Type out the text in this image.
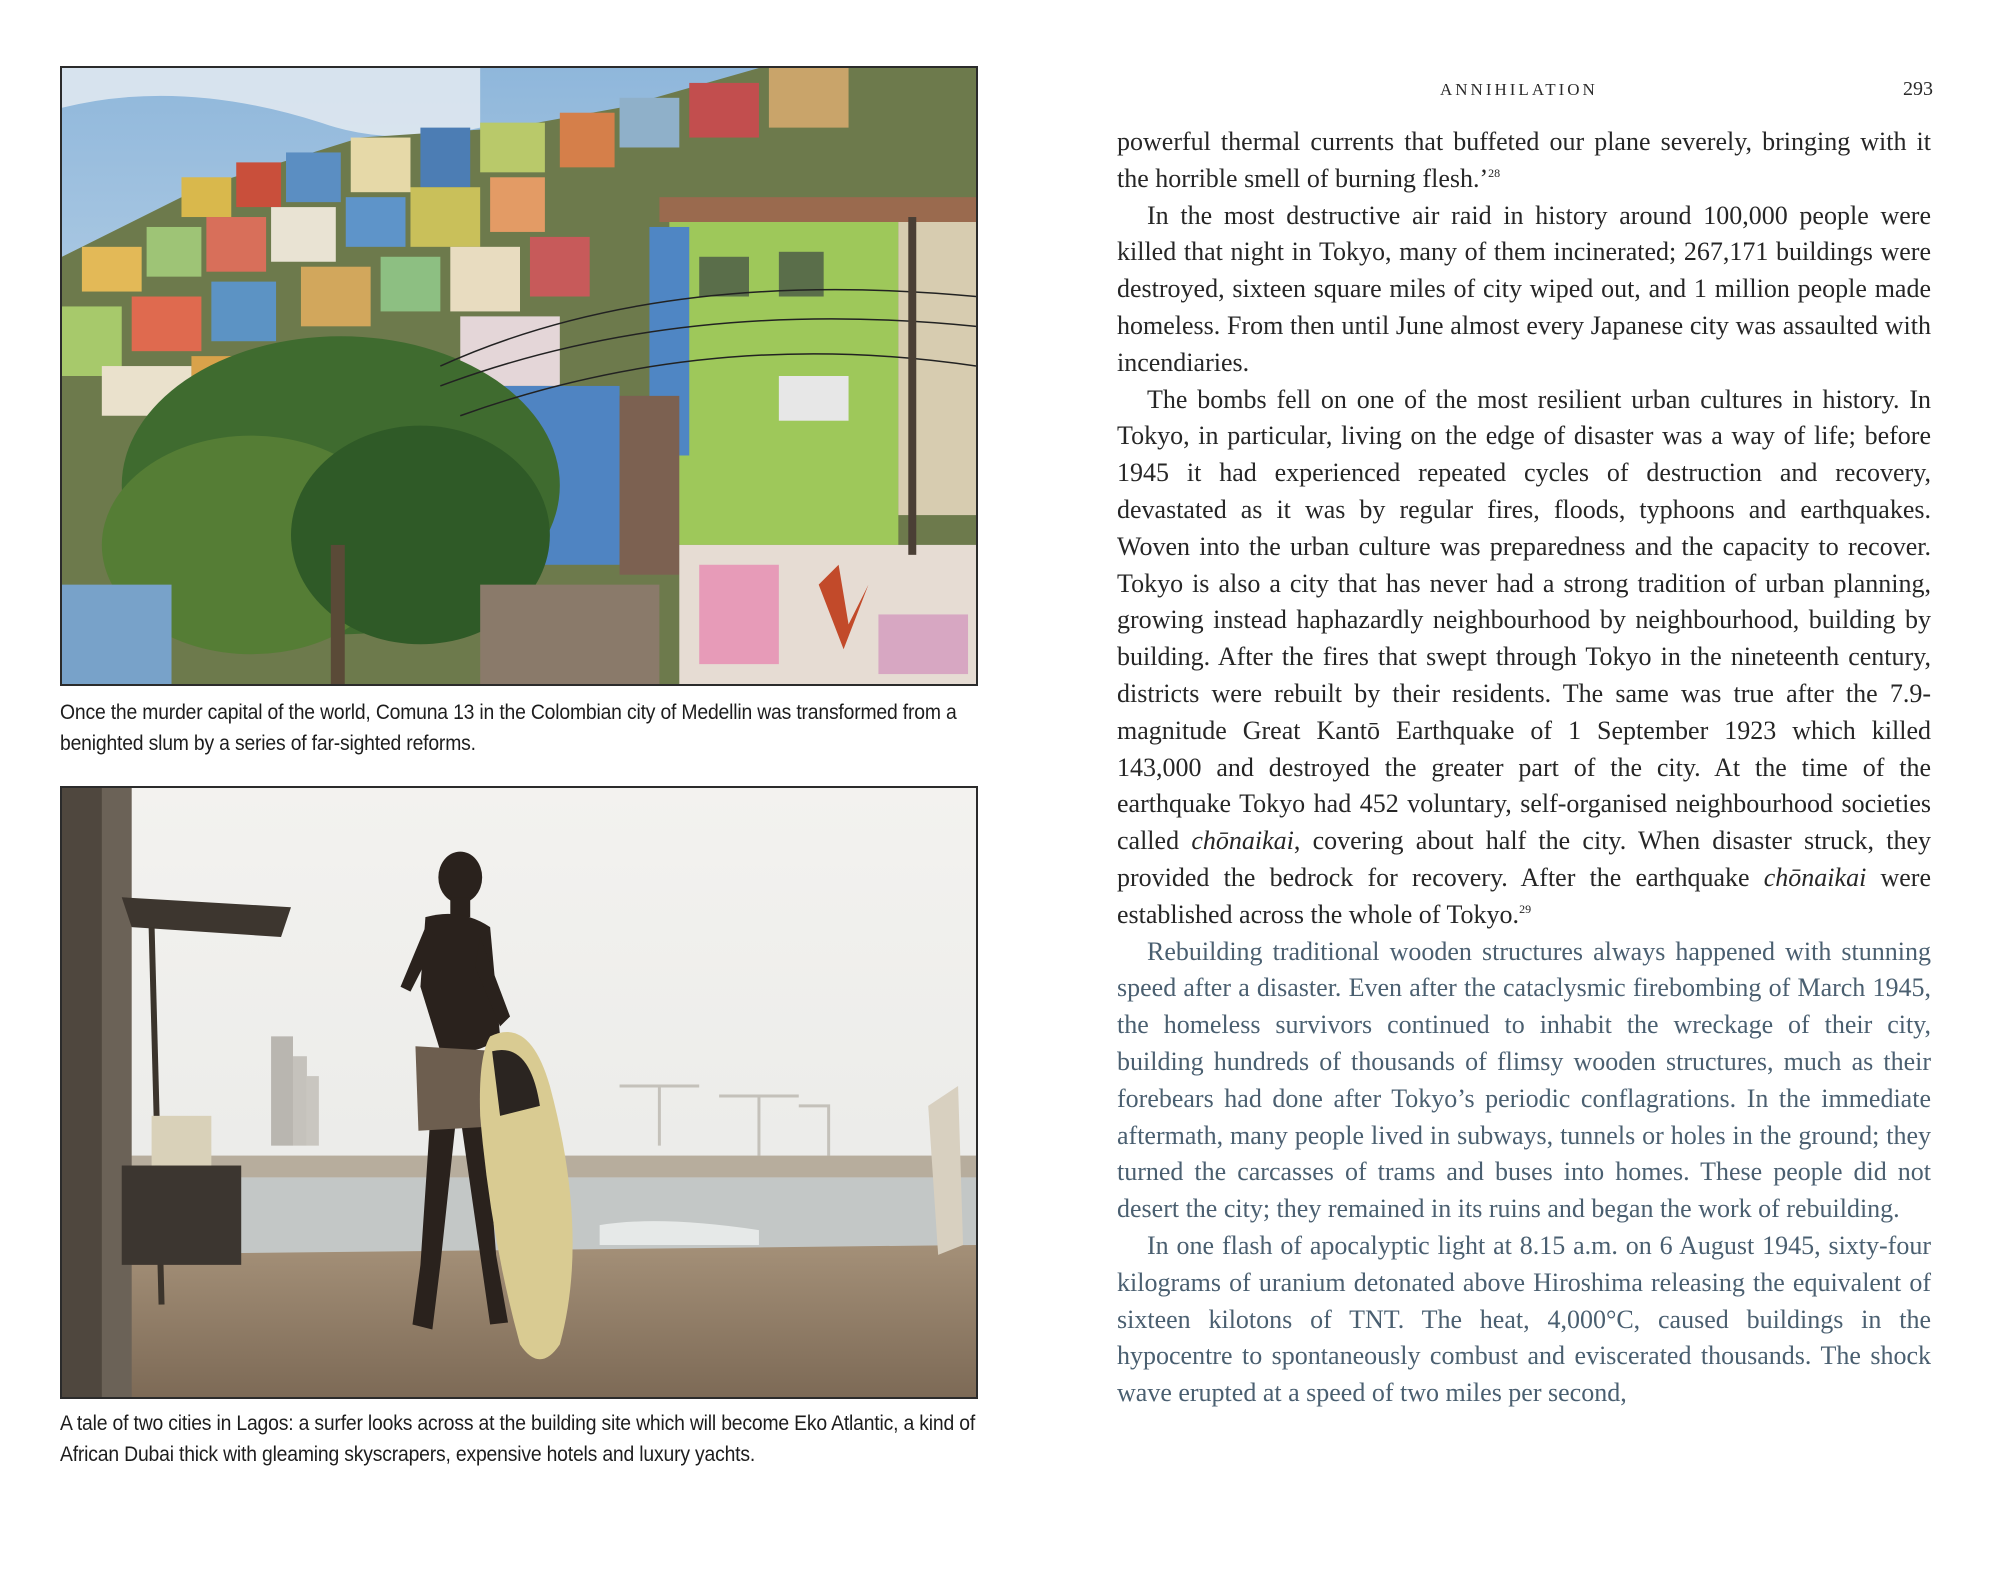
Once the murder capital of the world, Comuna 13 in the Colombian city of Medellin was transformed from a benighted slum by a series of far-sighted reforms.
A tale of two cities in Lagos: a surfer looks across at the building site which will become Eko Atlantic, a kind of African Dubai thick with gleaming skyscrapers, expensive hotels and luxury yachts.
ANNIHILATION	293

powerful thermal currents that buffeted our plane severely, bringing with it the horrible smell of burning flesh.’$^{28}$

In the most destructive air raid in history around 100,000 people were killed that night in Tokyo, many of them incinerated; 267,171 buildings were destroyed, sixteen square miles of city wiped out, and 1 million people made homeless. From then until June almost every Japanese city was assaulted with incendiaries.

The bombs fell on one of the most resilient urban cultures in history. In Tokyo, in particular, living on the edge of disaster was a way of life; before 1945 it had experienced repeated cycles of destruction and recovery, devastated as it was by regular fires, floods, typhoons and earthquakes. Woven into the urban culture was preparedness and the capacity to recover. Tokyo is also a city that has never had a strong tradition of urban planning, growing instead haphazardly neighbourhood by neighbourhood, building by building. After the fires that swept through Tokyo in the nineteenth century, districts were rebuilt by their residents. The same was true after the 7.9-magnitude Great Kantō Earthquake of 1 September 1923 which killed 143,000 and destroyed the greater part of the city. At the time of the earthquake Tokyo had 452 voluntary, self-organised neighbourhood societies called chōnaikai, covering about half the city. When disaster struck, they provided the bedrock for recovery. After the earthquake chōnaikai were established across the whole of Tokyo.$^{29}$

Rebuilding traditional wooden structures always happened with stunning speed after a disaster. Even after the cataclysmic firebombing of March 1945, the homeless survivors continued to inhabit the wreckage of their city, building hundreds of thousands of flimsy wooden structures, much as their forebears had done after Tokyo’s periodic conflagrations. In the immediate aftermath, many people lived in subways, tunnels or holes in the ground; they turned the carcasses of trams and buses into homes. These people did not desert the city; they remained in its ruins and began the work of rebuilding.

In one flash of apocalyptic light at 8.15 a.m. on 6 August 1945, sixty-four kilograms of uranium detonated above Hiroshima releasing the equivalent of sixteen kilotons of TNT. The heat, 4,000°C, caused buildings in the hypocentre to spontaneously combust and eviscerated thousands. The shock wave erupted at a speed of two miles per second,
